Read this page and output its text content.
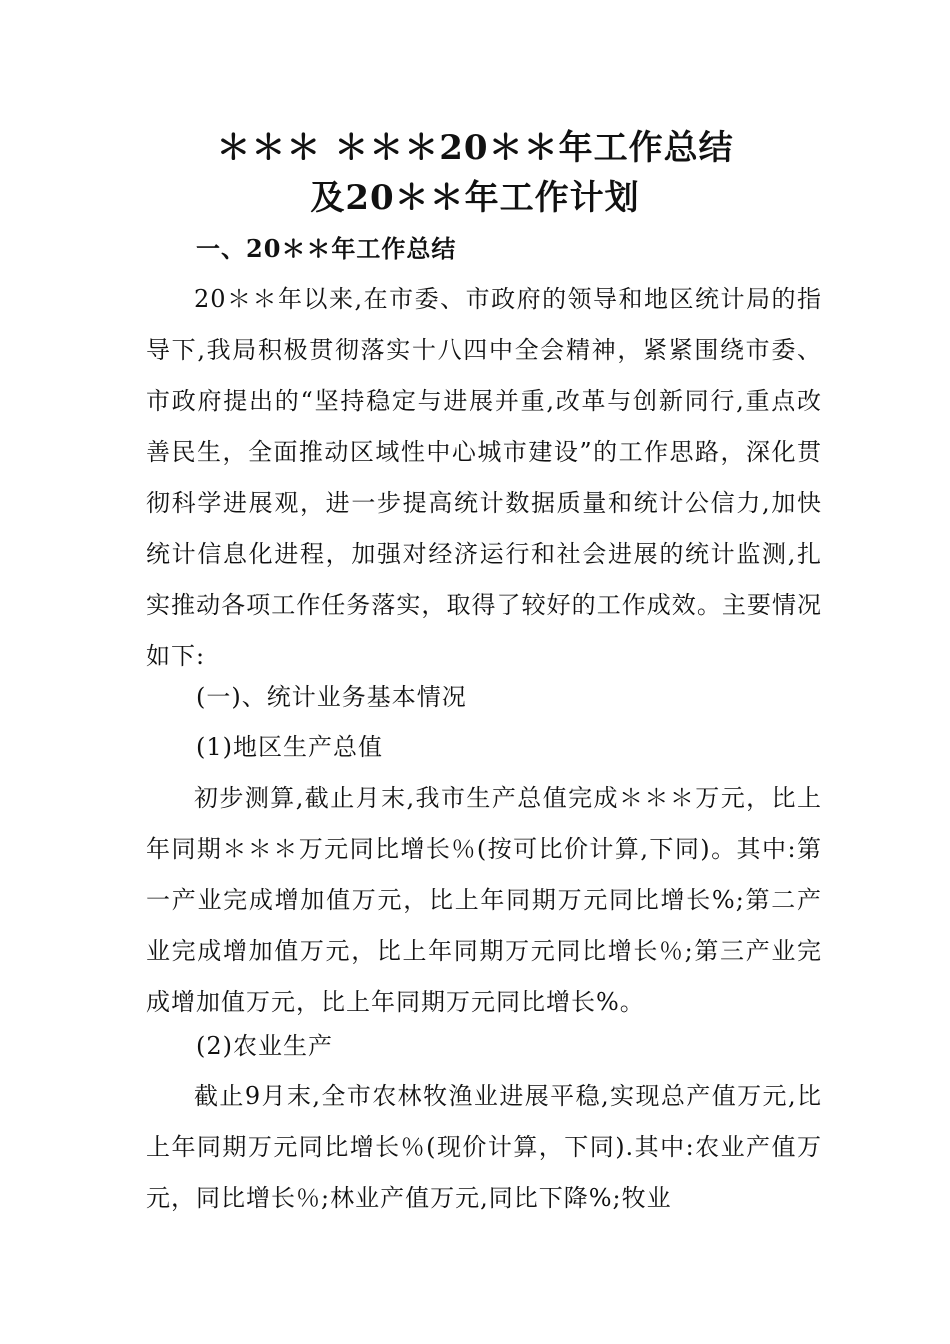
＊＊＊ ＊＊＊20＊＊年工作总结
及20＊＊年工作计划
一、20＊＊年工作总结
20＊＊年以来,在市委、市政府的领导和地区统计局的指导下,我局积极贯彻落实十八四中全会精神，紧紧围绕市委、市政府提出的“坚持稳定与进展并重,改革与创新同行,重点改善民生，全面推动区域性中心城市建设”的工作思路，深化贯彻科学进展观，进一步提高统计数据质量和统计公信力,加快统计信息化进程，加强对经济运行和社会进展的统计监测,扎实推动各项工作任务落实，取得了较好的工作成效。主要情况如下:
(一)、统计业务基本情况
(1)地区生产总值
初步测算,截止月末,我市生产总值完成＊＊＊万元，比上年同期＊＊＊万元同比增长％(按可比价计算,下同)。其中:第一产业完成增加值万元，比上年同期万元同比增长%;第二产业完成增加值万元，比上年同期万元同比增长％;第三产业完成增加值万元，比上年同期万元同比增长%。
(2)农业生产
截止9月末,全市农林牧渔业进展平稳,实现总产值万元,比上年同期万元同比增长％(现价计算，下同).其中:农业产值万元，同比增长％;林业产值万元,同比下降%;牧业
